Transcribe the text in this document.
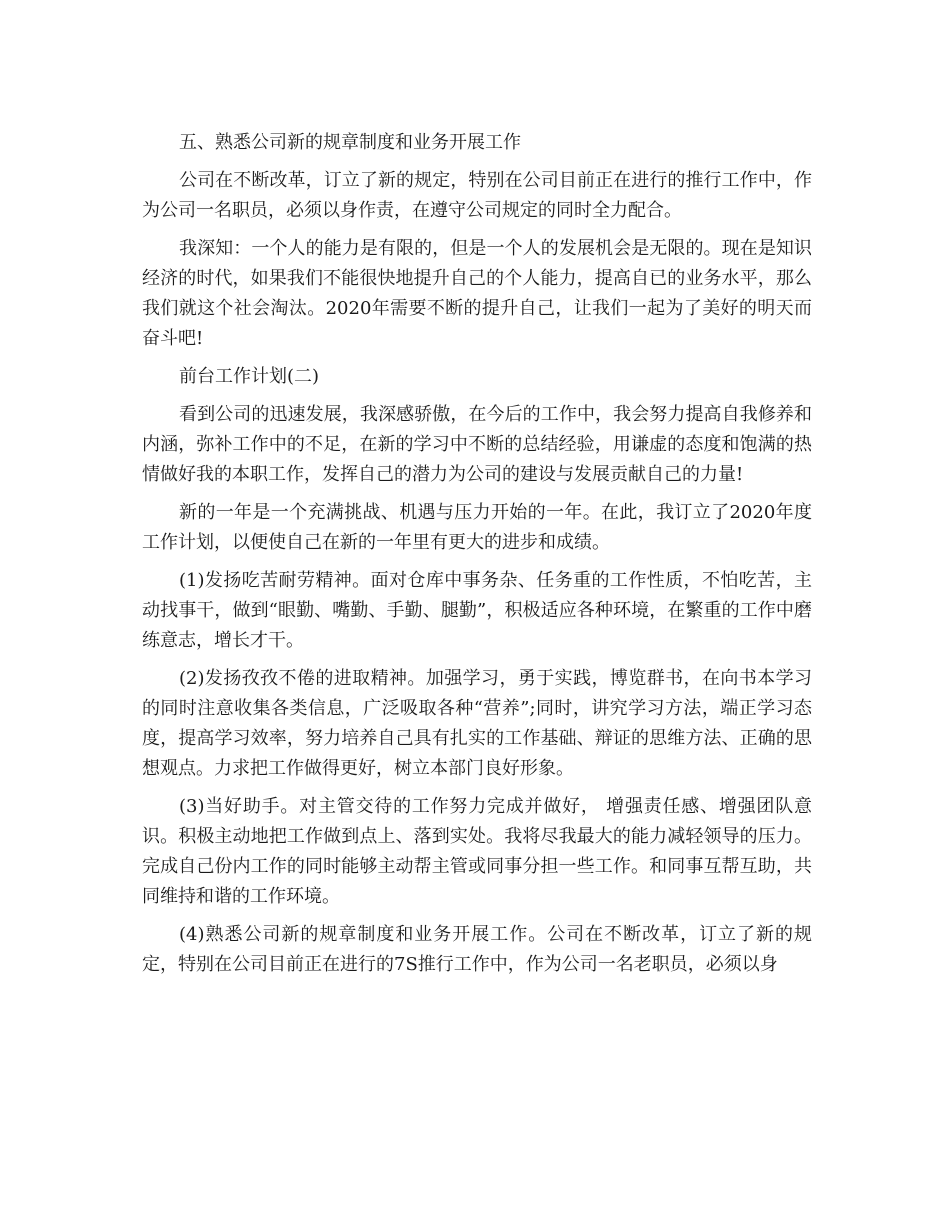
五、熟悉公司新的规章制度和业务开展工作

公司在不断改革，订立了新的规定，特别在公司目前正在进行的推行工作中，作为公司一名职员，必须以身作责，在遵守公司规定的同时全力配合。

我深知：一个人的能力是有限的，但是一个人的发展机会是无限的。现在是知识经济的时代，如果我们不能很快地提升自己的个人能力，提高自已的业务水平，那么我们就这个社会淘汰。2020年需要不断的提升自己，让我们一起为了美好的明天而奋斗吧!

前台工作计划(二)

看到公司的迅速发展，我深感骄傲，在今后的工作中，我会努力提高自我修养和内涵，弥补工作中的不足，在新的学习中不断的总结经验，用谦虚的态度和饱满的热情做好我的本职工作，发挥自己的潜力为公司的建设与发展贡献自己的力量!

新的一年是一个充满挑战、机遇与压力开始的一年。在此，我订立了2020年度工作计划，以便使自己在新的一年里有更大的进步和成绩。

(1)发扬吃苦耐劳精神。面对仓库中事务杂、任务重的工作性质，不怕吃苦，主动找事干，做到“眼勤、嘴勤、手勤、腿勤”，积极适应各种环境，在繁重的工作中磨练意志，增长才干。

(2)发扬孜孜不倦的进取精神。加强学习，勇于实践，博览群书，在向书本学习的同时注意收集各类信息，广泛吸取各种“营养”;同时，讲究学习方法，端正学习态度，提高学习效率，努力培养自己具有扎实的工作基础、辩证的思维方法、正确的思想观点。力求把工作做得更好，树立本部门良好形象。

(3)当好助手。对主管交待的工作努力完成并做好， 增强责任感、增强团队意识。积极主动地把工作做到点上、落到实处。我将尽我最大的能力减轻领导的压力。完成自己份内工作的同时能够主动帮主管或同事分担一些工作。和同事互帮互助，共同维持和谐的工作环境。

(4)熟悉公司新的规章制度和业务开展工作。公司在不断改革，订立了新的规定，特别在公司目前正在进行的7S推行工作中，作为公司一名老职员，必须以身
